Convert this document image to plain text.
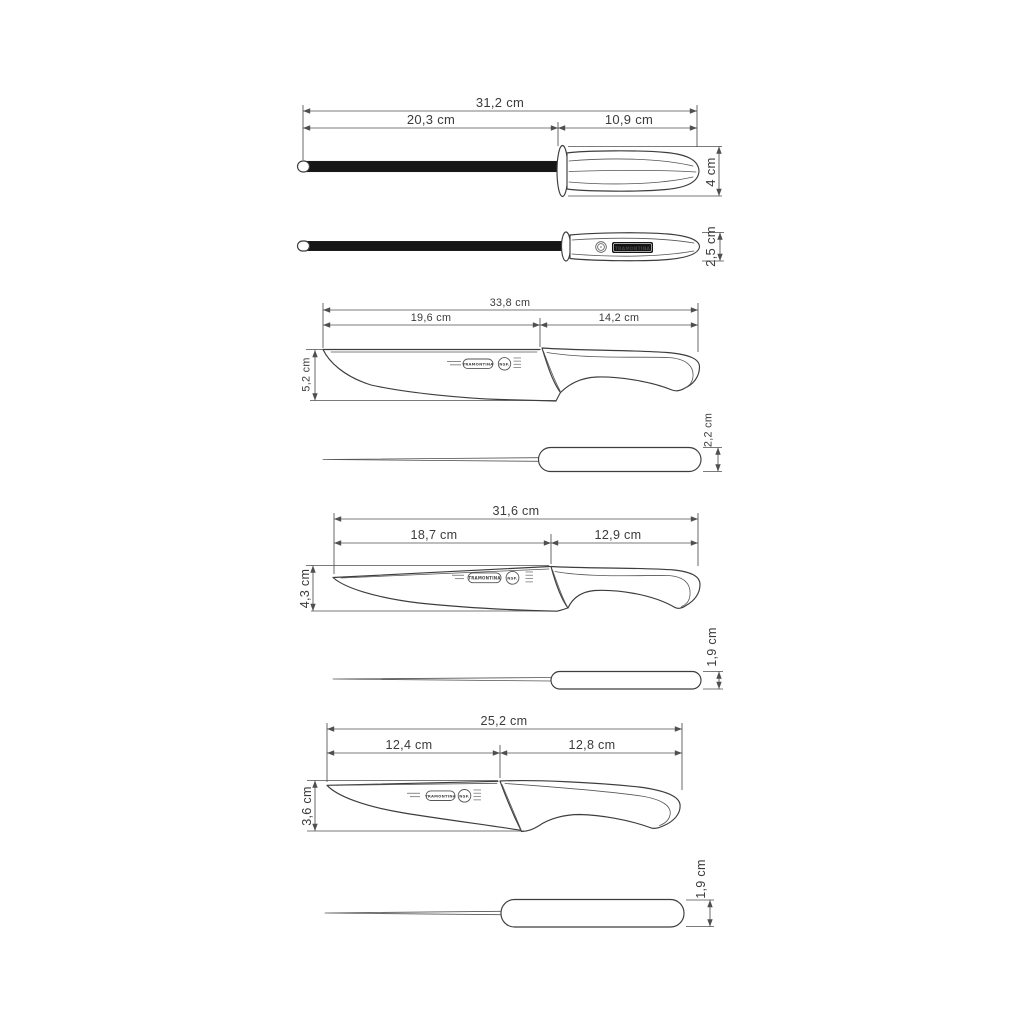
31,2 cm
20,3 cm	10,9 cm
4 cm
2,5 cm
TRAMONTINA
33,8 cm
19,6 cm	14,2 cm
5,2 cm	TRAMONTINA NSF.
2,2 cm
31,6 cm
18,7 cm	12,9 cm
4,3 cm	TRAMONTINA NSF.
1,9 cm
25,2 cm
12,4 cm	12,8 cm
3,6 cm	TRAMONTINA NSF.
1,9 cm
